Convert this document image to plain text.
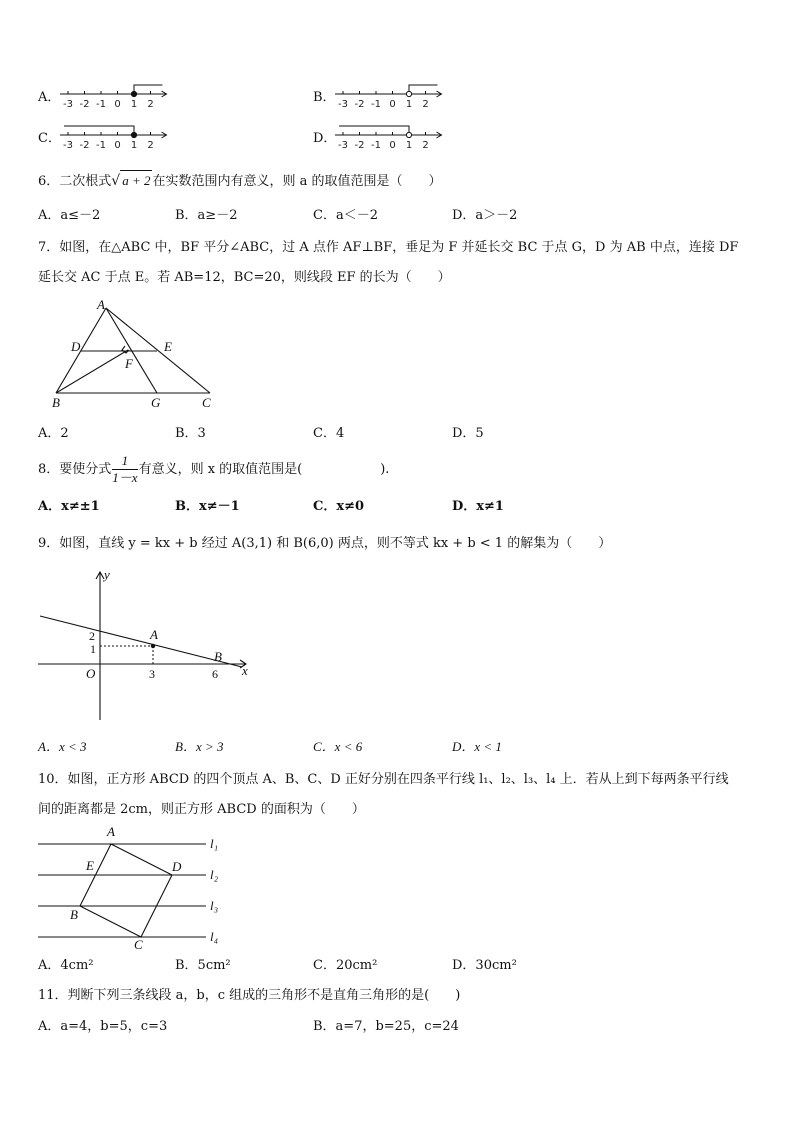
A． -3 -2 -1 0 1 2	B． -3 -2 -1 0 1 2
C． -3 -2 -1 0 1 2	D． -3 -2 -1 0 1 2
6．二次根式√ a + 2 在实数范围内有意义，则 a 的取值范围是（　　）
A．a≤－2	B．a≥－2	C．a＜－2	D．a＞－2
7．如图，在△ABC 中，BF 平分∠ABC，过 A 点作 AF⊥BF，垂足为 F 并延长交 BC 于点 G，D 为 AB 中点，连接 DF
延长交 AC 于点 E。若 AB=12，BC=20，则线段 EF 的长为（　　）
A
D	E
F
B	G	C
A．2	B．3	C．4	D．5
8．要使分式 $\frac{1}{1-x}$ 有意义，则 x 的取值范围是(　　　　　　).
A．x≠±1	B．x≠－1	C．x≠0	D．x≠1
9．如图，直线 y = kx + b 经过 A(3,1) 和 B(6,0) 两点，则不等式 kx + b < 1 的解集为（　　）
y
x
O
A
B
2
1
3	6
A．x < 3	B．x > 3	C．x < 6	D．x < 1
10．如图，正方形 ABCD 的四个顶点 A、B、C、D 正好分别在四条平行线 l₁、l₂、l₃、l₄ 上．若从上到下每两条平行线
间的距离都是 2cm，则正方形 ABCD 的面积为（　　）
A
E	D
B
C
l₁
l₂
l₃
l₄
A．4cm²	B．5cm²	C．20cm²	D．30cm²
11．判断下列三条线段 a，b，c 组成的三角形不是直角三角形的是(　　)
A．a=4，b=5，c=3	B．a=7，b=25，c=24
